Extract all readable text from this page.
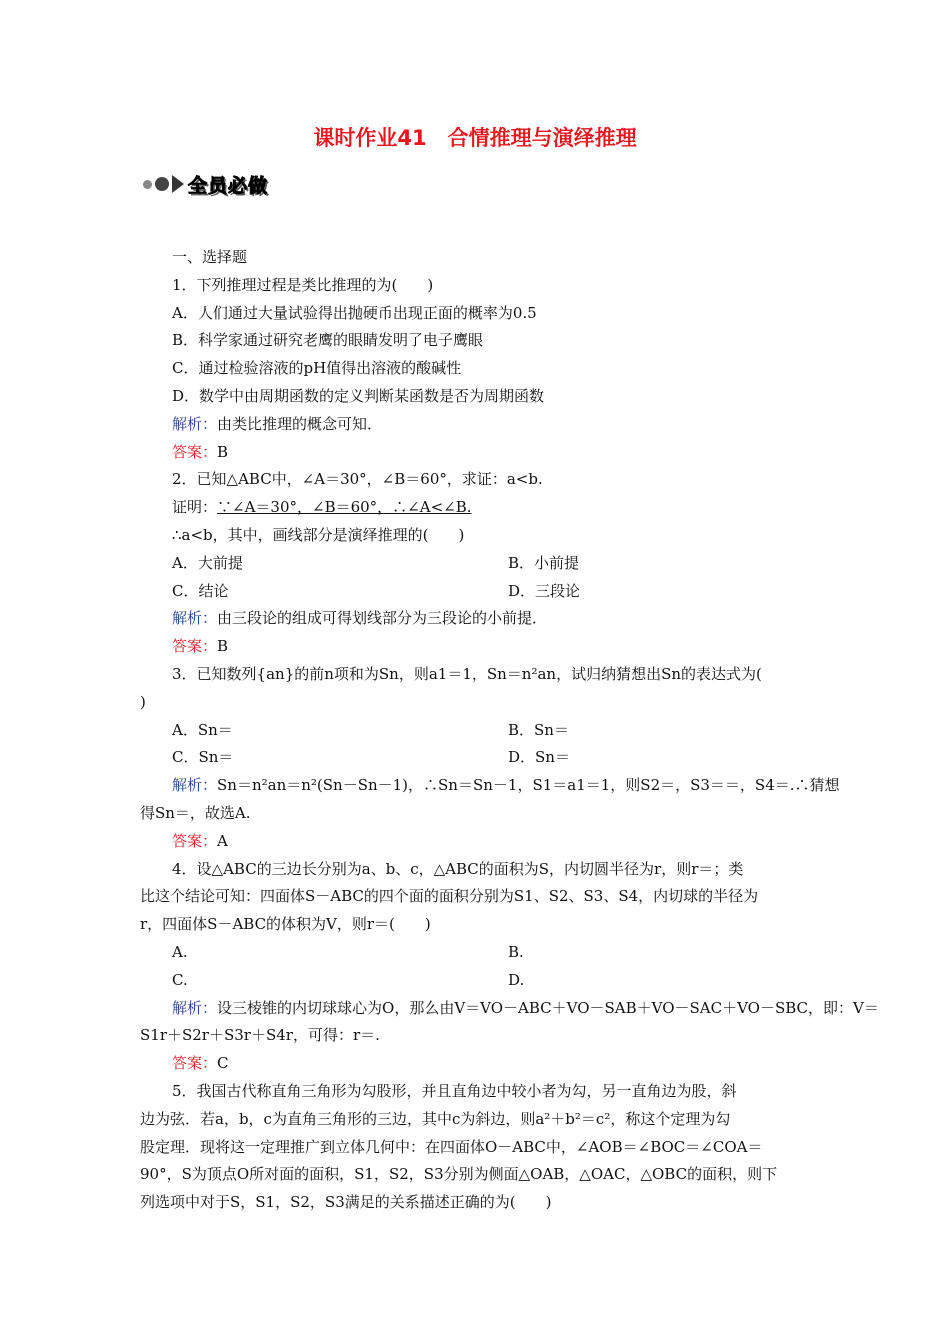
课时作业41　合情推理与演绎推理
全员必做
一、选择题
1．下列推理过程是类比推理的为(　　)
A．人们通过大量试验得出抛硬币出现正面的概率为0.5
B．科学家通过研究老鹰的眼睛发明了电子鹰眼
C．通过检验溶液的pH值得出溶液的酸碱性
D．数学中由周期函数的定义判断某函数是否为周期函数
解析：由类比推理的概念可知．
答案：B
2．已知△ABC中，∠A＝30°，∠B＝60°，求证：a<b.
证明：∵∠A＝30°，∠B＝60°，∴∠A<∠B.
∴a<b，其中，画线部分是演绎推理的(　　)
A．大前提	B．小前提
C．结论	D．三段论
解析：由三段论的组成可得划线部分为三段论的小前提．
答案：B
3．已知数列{an}的前n项和为Sn，则a1＝1，Sn＝n²an，试归纳猜想出Sn的表达式为(
)
A．Sn＝	B．Sn＝
C．Sn＝	D．Sn＝
解析：Sn＝n²an＝n²(Sn－Sn－1)，∴Sn＝Sn－1，S1＝a1＝1，则S2＝，S3＝＝，S4＝.∴猜想
得Sn＝，故选A.
答案：A
4．设△ABC的三边长分别为a、b、c，△ABC的面积为S，内切圆半径为r，则r＝；类
比这个结论可知：四面体S－ABC的四个面的面积分别为S1、S2、S3、S4，内切球的半径为
r，四面体S－ABC的体积为V，则r＝(　　)
A.	B.
C.	D.
解析：设三棱锥的内切球球心为O，那么由V＝VO－ABC＋VO－SAB＋VO－SAC＋VO－SBC，即：V＝
S1r＋S2r＋S3r＋S4r，可得：r＝.
答案：C
5．我国古代称直角三角形为勾股形，并且直角边中较小者为勾，另一直角边为股，斜
边为弦．若a，b，c为直角三角形的三边，其中c为斜边，则a²＋b²＝c²，称这个定理为勾
股定理．现将这一定理推广到立体几何中：在四面体O－ABC中，∠AOB＝∠BOC＝∠COA＝
90°，S为顶点O所对面的面积，S1，S2，S3分别为侧面△OAB，△OAC，△OBC的面积，则下
列选项中对于S，S1，S2，S3满足的关系描述正确的为(　　)
